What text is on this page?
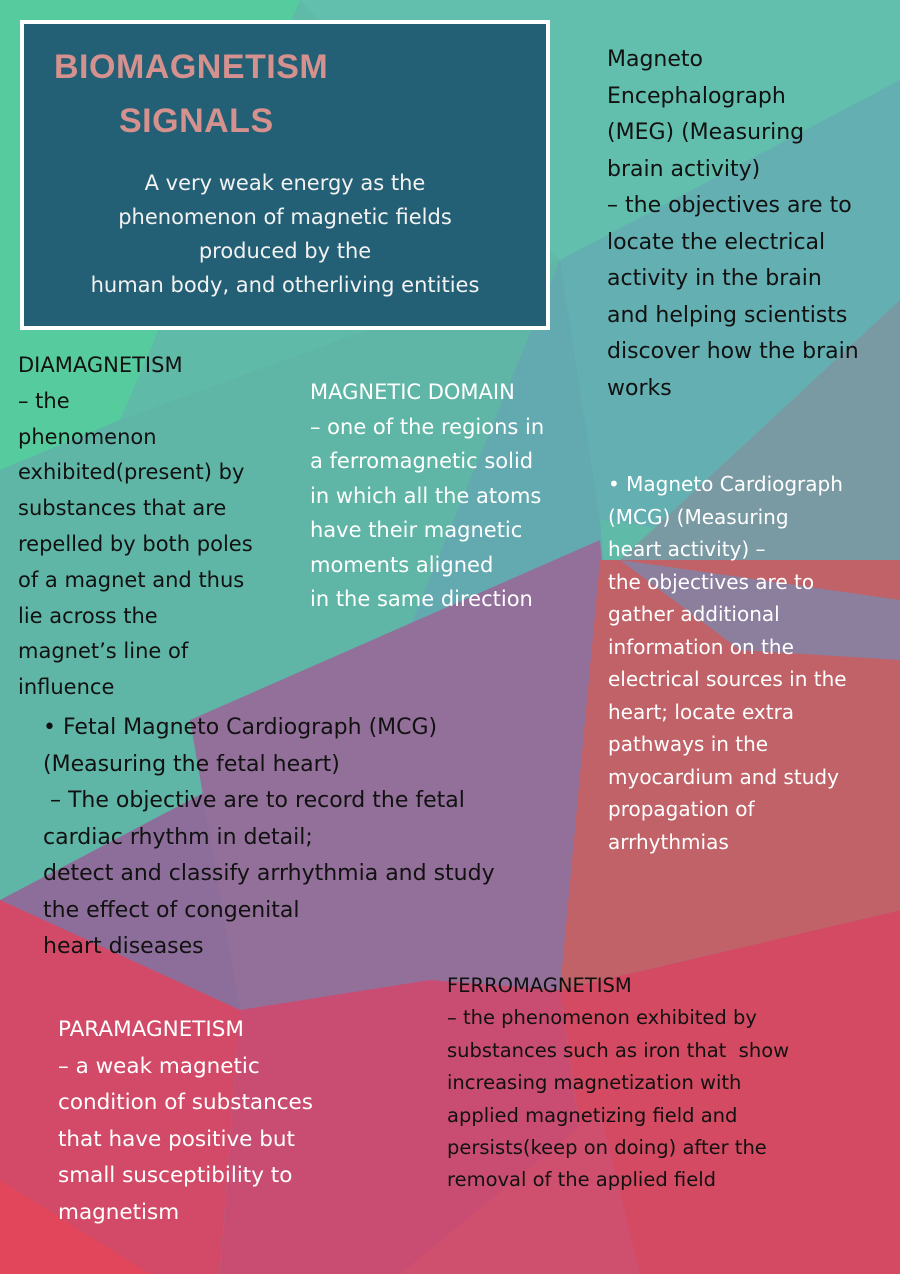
BIOMAGNETISM
SIGNALS
A very weak energy as the
phenomenon of magnetic fields
produced by the
human body, and otherliving entities
Magneto
Encephalograph
(MEG) (Measuring
brain activity)
– the objectives are to
locate the electrical
activity in the brain
and helping scientists
discover how the brain
works
DIAMAGNETISM
– the
phenomenon
exhibited(present) by
substances that are
repelled by both poles
of a magnet and thus
lie across the
magnet’s line of
influence
MAGNETIC DOMAIN
– one of the regions in
a ferromagnetic solid
in which all the atoms
have their magnetic
moments aligned
in the same direction
• Magneto Cardiograph
(MCG) (Measuring
heart activity) –
the objectives are to
gather additional
information on the
electrical sources in the
heart; locate extra
pathways in the
myocardium and study
propagation of
arrhythmias
• Fetal Magneto Cardiograph (MCG)
(Measuring the fetal heart)
– The objective are to record the fetal
cardiac rhythm in detail;
detect and classify arrhythmia and study
the effect of congenital
heart diseases
FERROMAGNETISM
– the phenomenon exhibited by
substances such as iron that  show
increasing magnetization with
applied magnetizing field and
persists(keep on doing) after the
removal of the applied field
PARAMAGNETISM
– a weak magnetic
condition of substances
that have positive but
small susceptibility to
magnetism
